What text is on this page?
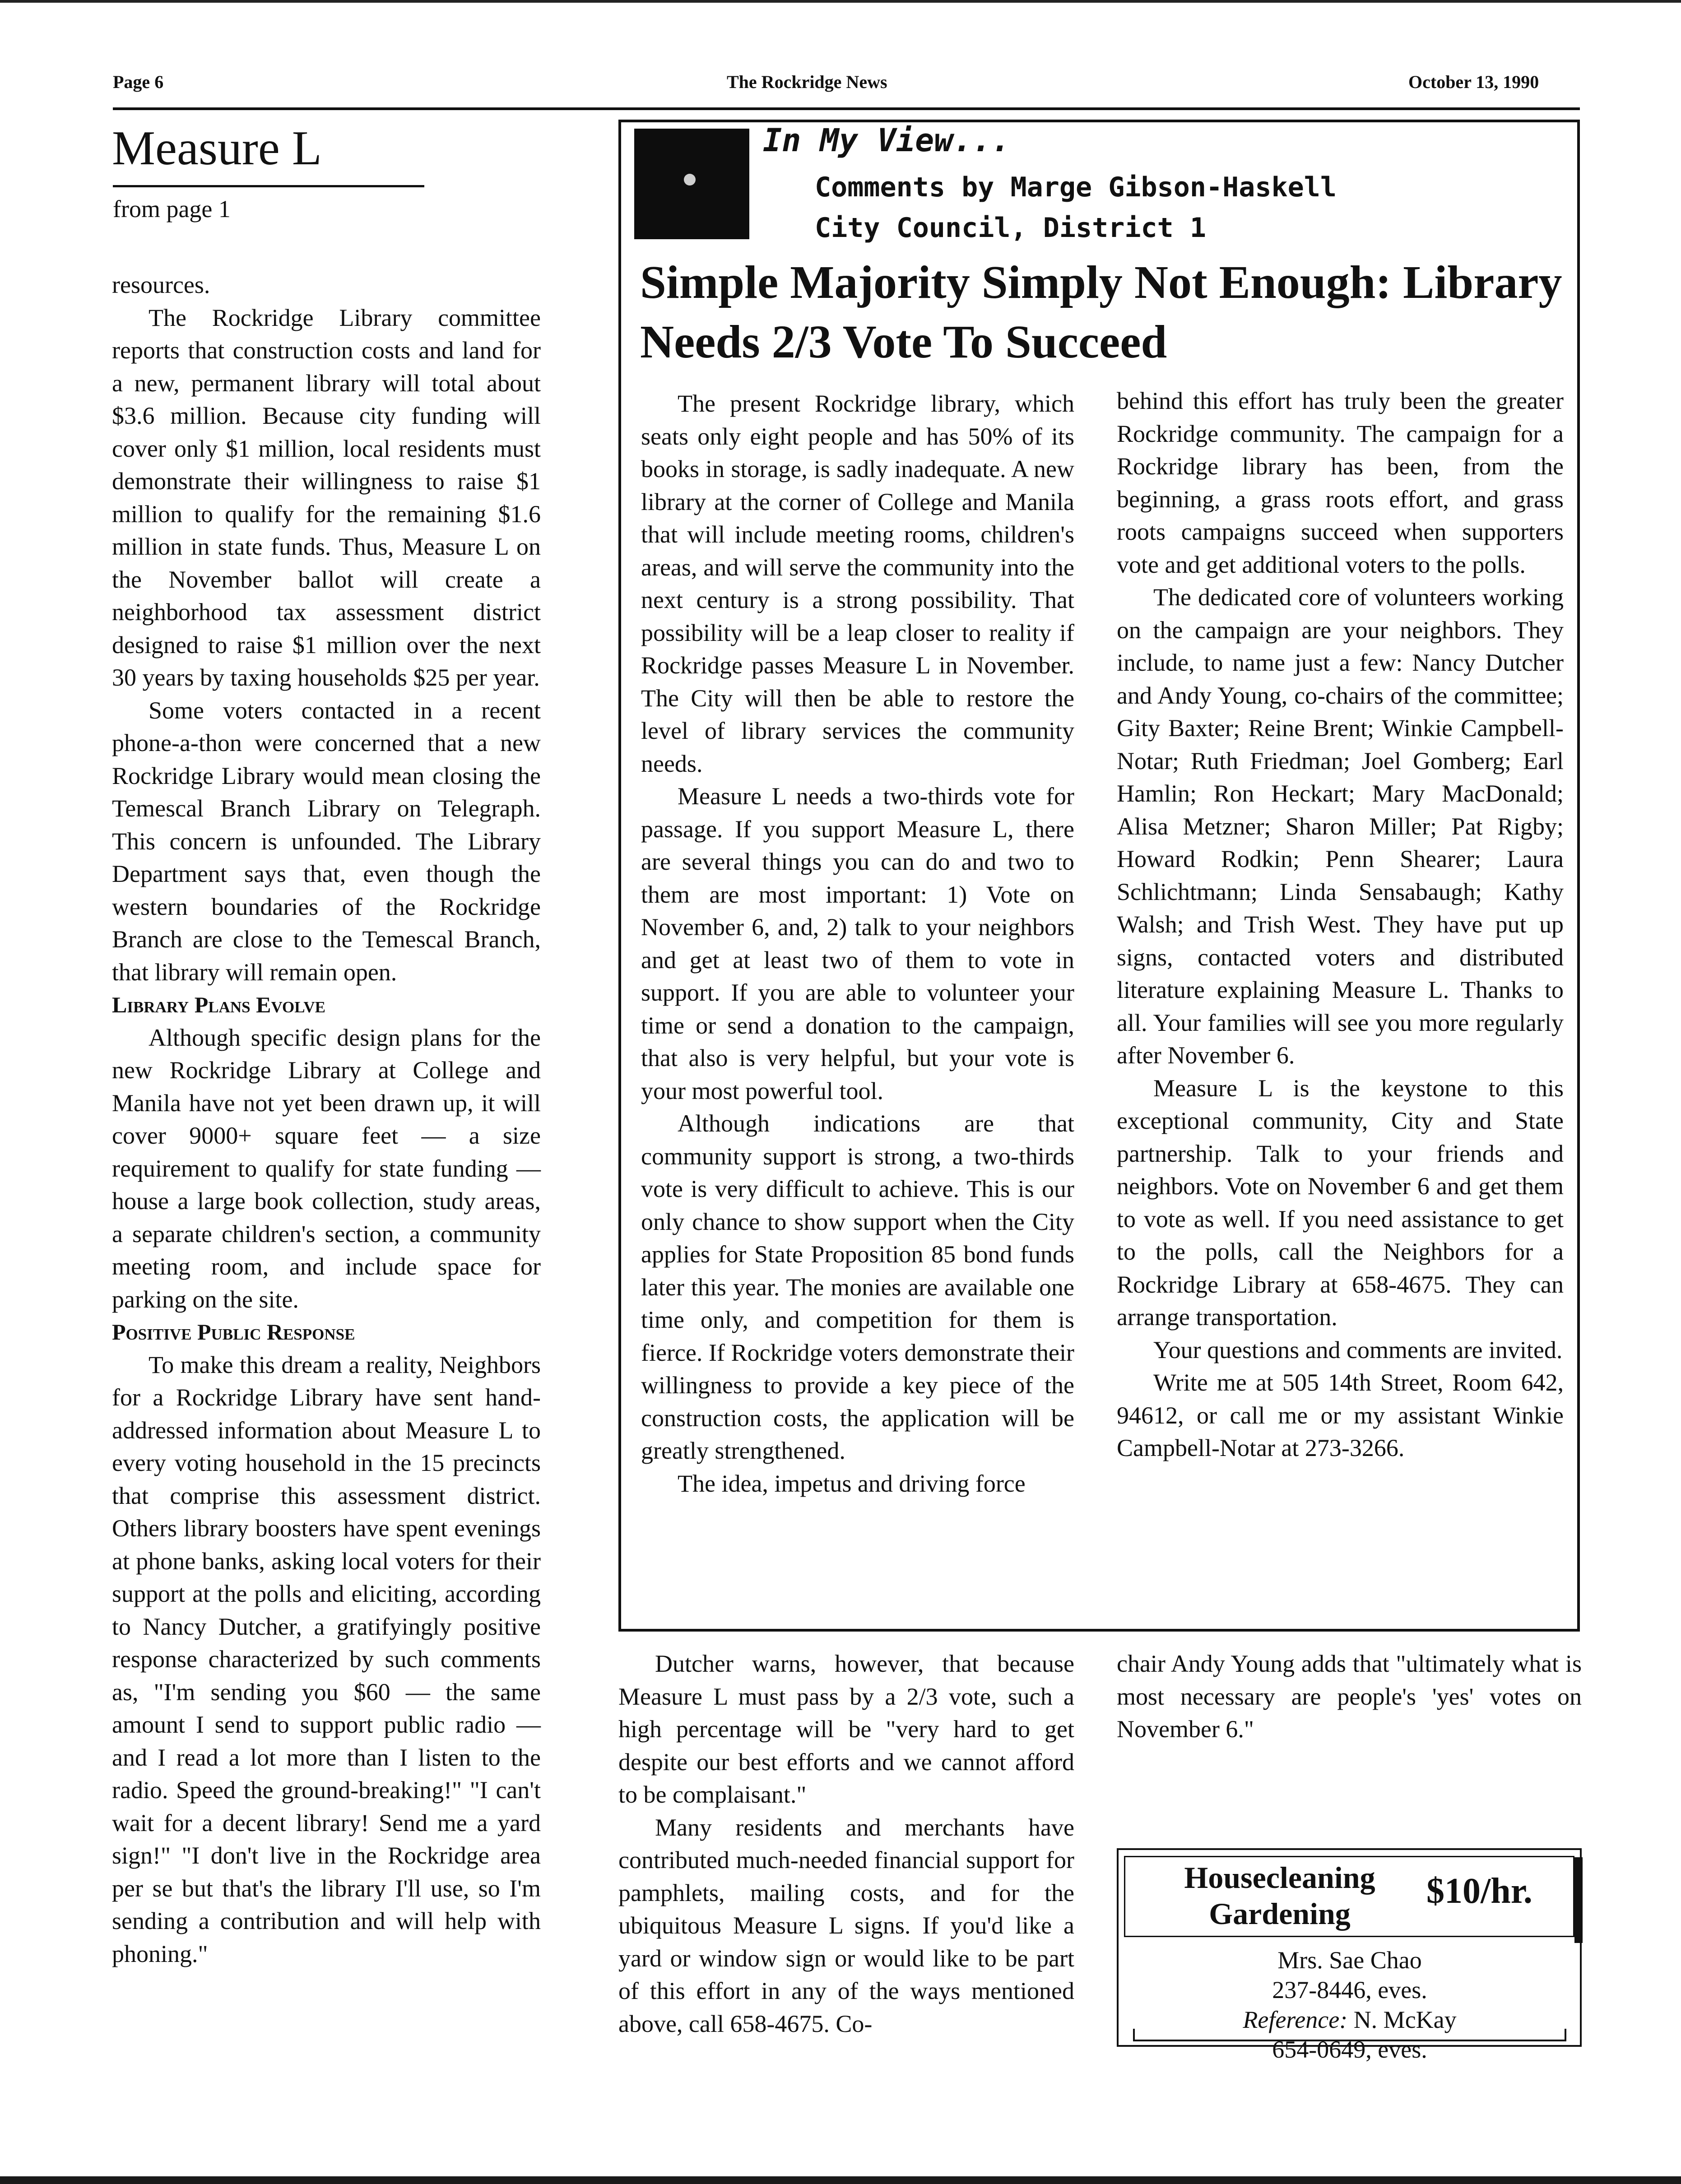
Page 6	The Rockridge News	October 13, 1990
Measure L
from page 1

resources.

The Rockridge Library committee reports that construction costs and land for a new, permanent library will total about $3.6 million. Because city funding will cover only $1 million, local residents must demonstrate their willingness to raise $1 million to qualify for the remaining $1.6 million in state funds. Thus, Measure L on the November ballot will create a neighborhood tax assessment district designed to raise $1 million over the next 30 years by taxing households $25 per year.

Some voters contacted in a recent phone-a-thon were concerned that a new Rockridge Library would mean closing the Temescal Branch Library on Telegraph. This concern is unfounded. The Library Department says that, even though the western boundaries of the Rockridge Branch are close to the Temescal Branch, that library will remain open.

Library Plans Evolve

Although specific design plans for the new Rockridge Library at College and Manila have not yet been drawn up, it will cover 9000+ square feet — a size requirement to qualify for state funding — house a large book collection, study areas, a separate children's section, a community meeting room, and include space for parking on the site.

Positive Public Response

To make this dream a reality, Neighbors for a Rockridge Library have sent hand-addressed information about Measure L to every voting household in the 15 precincts that comprise this assessment district. Others library boosters have spent evenings at phone banks, asking local voters for their support at the polls and eliciting, according to Nancy Dutcher, a gratifyingly positive response characterized by such comments as, "I'm sending you $60 — the same amount I send to support public radio — and I read a lot more than I listen to the radio. Speed the ground-breaking!" "I can't wait for a decent library! Send me a yard sign!" "I don't live in the Rockridge area per se but that's the library I'll use, so I'm sending a contribution and will help with phoning."

In My View...
Comments by Marge Gibson-Haskell
City Council, District 1
Simple Majority Simply Not Enough: Library Needs 2/3 Vote To Succeed

The present Rockridge library, which seats only eight people and has 50% of its books in storage, is sadly inadequate. A new library at the corner of College and Manila that will include meeting rooms, children's areas, and will serve the community into the next century is a strong possibility. That possibility will be a leap closer to reality if Rockridge passes Measure L in November. The City will then be able to restore the level of library services the community needs.

Measure L needs a two-thirds vote for passage. If you support Measure L, there are several things you can do and two to them are most important: 1) Vote on November 6, and, 2) talk to your neighbors and get at least two of them to vote in support. If you are able to volunteer your time or send a donation to the campaign, that also is very helpful, but your vote is your most powerful tool.

Although indications are that community support is strong, a two-thirds vote is very difficult to achieve. This is our only chance to show support when the City applies for State Proposition 85 bond funds later this year. The monies are available one time only, and competition for them is fierce. If Rockridge voters demonstrate their willingness to provide a key piece of the construction costs, the application will be greatly strengthened.

The idea, impetus and driving force

behind this effort has truly been the greater Rockridge community. The campaign for a Rockridge library has been, from the beginning, a grass roots effort, and grass roots campaigns succeed when supporters vote and get additional voters to the polls.

The dedicated core of volunteers working on the campaign are your neighbors. They include, to name just a few: Nancy Dutcher and Andy Young, co-chairs of the committee; Gity Baxter; Reine Brent; Winkie Campbell-Notar; Ruth Friedman; Joel Gomberg; Earl Hamlin; Ron Heckart; Mary MacDonald; Alisa Metzner; Sharon Miller; Pat Rigby; Howard Rodkin; Penn Shearer; Laura Schlichtmann; Linda Sensabaugh; Kathy Walsh; and Trish West. They have put up signs, contacted voters and distributed literature explaining Measure L. Thanks to all. Your families will see you more regularly after November 6.

Measure L is the keystone to this exceptional community, City and State partnership. Talk to your friends and neighbors. Vote on November 6 and get them to vote as well. If you need assistance to get to the polls, call the Neighbors for a Rockridge Library at 658-4675. They can arrange transportation.

Your questions and comments are invited.

Write me at 505 14th Street, Room 642, 94612, or call me or my assistant Winkie Campbell-Notar at 273-3266.

Dutcher warns, however, that because Measure L must pass by a 2/3 vote, such a high percentage will be "very hard to get despite our best efforts and we cannot afford to be complaisant."

Many residents and merchants have contributed much-needed financial support for pamphlets, mailing costs, and for the ubiquitous Measure L signs. If you'd like a yard or window sign or would like to be part of this effort in any of the ways mentioned above, call 658-4675. Co-

chair Andy Young adds that "ultimately what is most necessary are people's 'yes' votes on November 6."

Housecleaning
Gardening
$10/hr.
Mrs. Sae Chao
237-8446, eves.
Reference: N. McKay
654-0649, eves.
